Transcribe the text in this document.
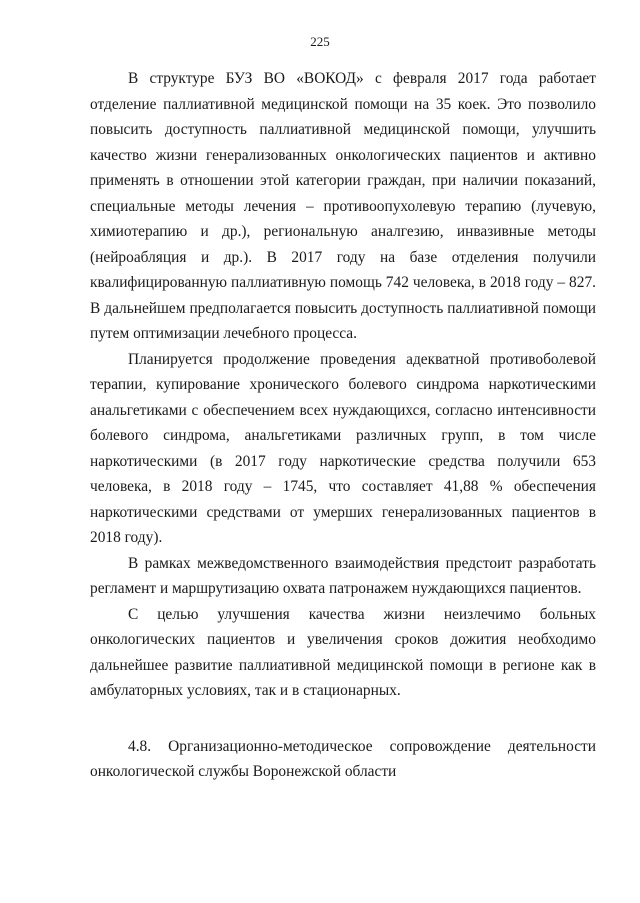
225

В структуре БУЗ ВО «ВОКОД» с февраля 2017 года работает отделение паллиативной медицинской помощи на 35 коек. Это позволило повысить доступность паллиативной медицинской помощи, улучшить качество жизни генерализованных онкологических пациентов и активно применять в отношении этой категории граждан, при наличии показаний, специальные методы лечения – противоопухолевую терапию (лучевую, химиотерапию и др.), региональную аналгезию, инвазивные методы (нейроабляция и др.). В 2017 году на базе отделения получили квалифицированную паллиативную помощь 742 человека, в 2018 году – 827. В дальнейшем предполагается повысить доступность паллиативной помощи путем оптимизации лечебного процесса.

Планируется продолжение проведения адекватной противоболевой терапии, купирование хронического болевого синдрома наркотическими анальгетиками с обеспечением всех нуждающихся, согласно интенсивности болевого синдрома, анальгетиками различных групп, в том числе наркотическими (в 2017 году наркотические средства получили 653 человека, в 2018 году – 1745, что составляет 41,88 % обеспечения наркотическими средствами от умерших генерализованных пациентов в 2018 году).

В рамках межведомственного взаимодействия предстоит разработать регламент и маршрутизацию охвата патронажем нуждающихся пациентов.

С целью улучшения качества жизни неизлечимо больных онкологических пациентов и увеличения сроков дожития необходимо дальнейшее развитие паллиативной медицинской помощи в регионе как в амбулаторных условиях, так и в стационарных.

4.8. Организационно-методическое сопровождение деятельности онкологической службы Воронежской области
